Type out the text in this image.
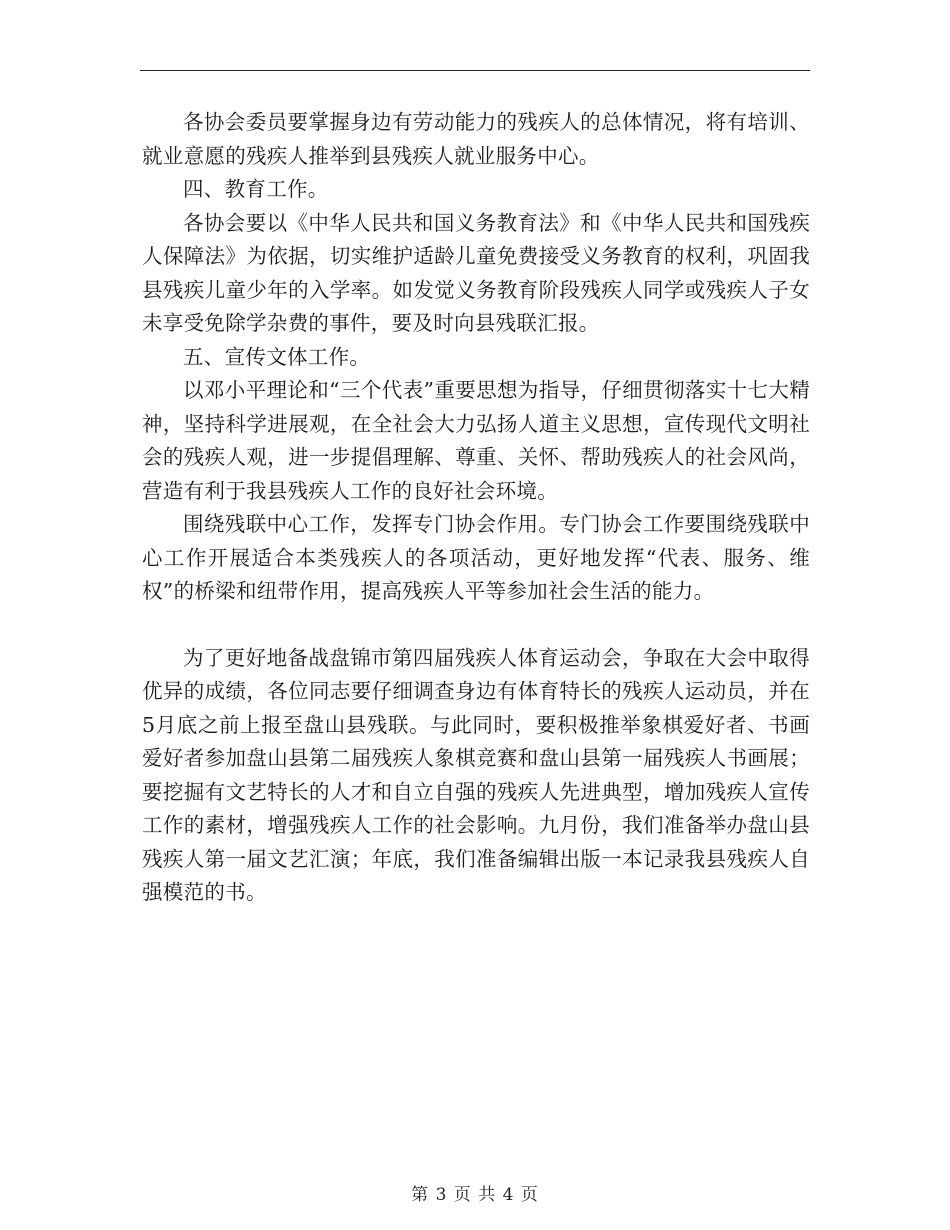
各协会委员要掌握身边有劳动能力的残疾人的总体情况，将有培训、就业意愿的残疾人推举到县残疾人就业服务中心。

四、教育工作。

各协会要以《中华人民共和国义务教育法》和《中华人民共和国残疾人保障法》为依据，切实维护适龄儿童免费接受义务教育的权利，巩固我县残疾儿童少年的入学率。如发觉义务教育阶段残疾人同学或残疾人子女未享受免除学杂费的事件，要及时向县残联汇报。

五、宣传文体工作。

以邓小平理论和“三个代表”重要思想为指导，仔细贯彻落实十七大精神，坚持科学进展观，在全社会大力弘扬人道主义思想，宣传现代文明社会的残疾人观，进一步提倡理解、尊重、关怀、帮助残疾人的社会风尚，营造有利于我县残疾人工作的良好社会环境。

围绕残联中心工作，发挥专门协会作用。专门协会工作要围绕残联中心工作开展适合本类残疾人的各项活动，更好地发挥“代表、服务、维权”的桥梁和纽带作用，提高残疾人平等参加社会生活的能力。

为了更好地备战盘锦市第四届残疾人体育运动会，争取在大会中取得优异的成绩，各位同志要仔细调查身边有体育特长的残疾人运动员，并在5月底之前上报至盘山县残联。与此同时，要积极推举象棋爱好者、书画爱好者参加盘山县第二届残疾人象棋竞赛和盘山县第一届残疾人书画展；要挖掘有文艺特长的人才和自立自强的残疾人先进典型，增加残疾人宣传工作的素材，增强残疾人工作的社会影响。九月份，我们准备举办盘山县残疾人第一届文艺汇演；年底，我们准备编辑出版一本记录我县残疾人自强模范的书。

第 3 页 共 4 页
